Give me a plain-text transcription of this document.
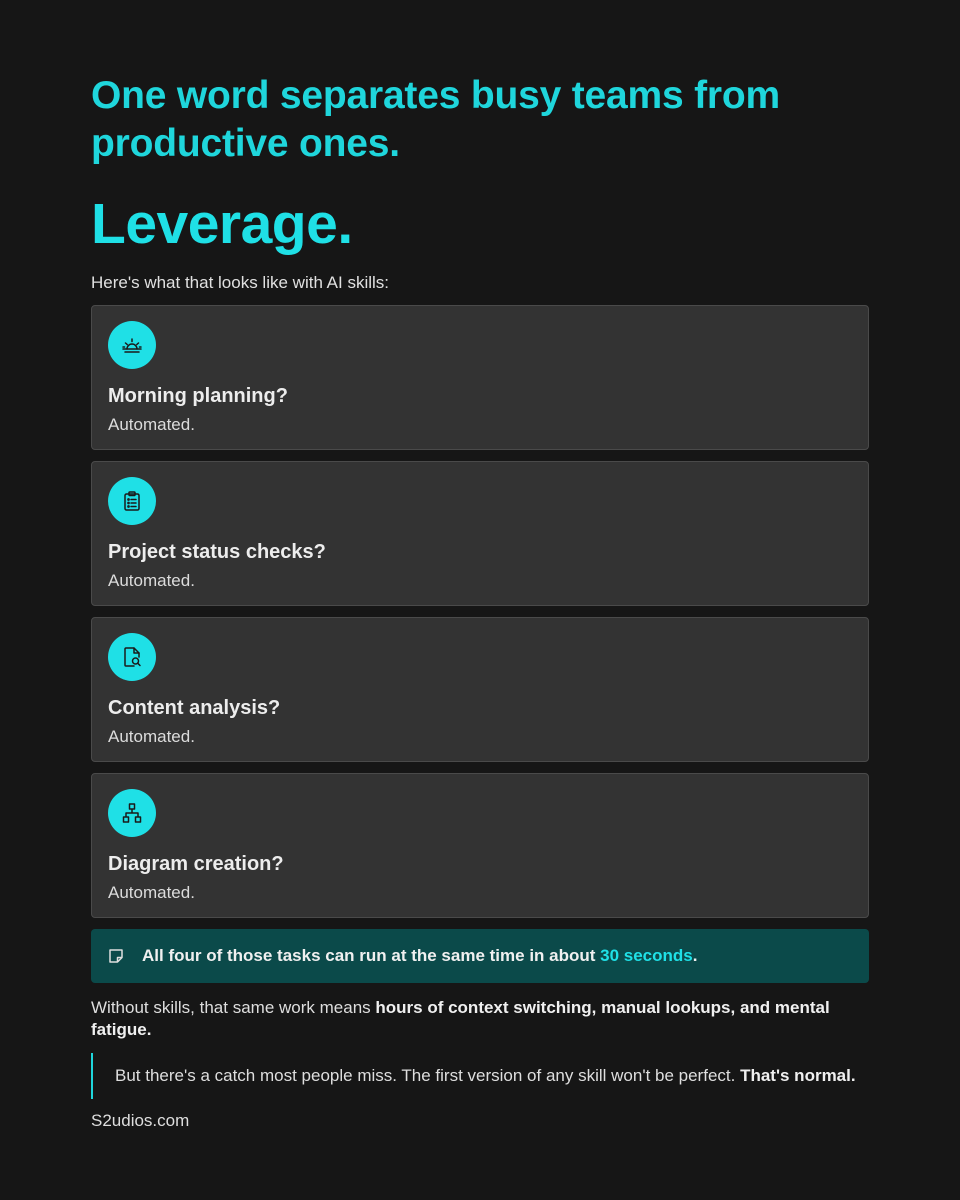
One word separates busy teams from productive ones.
Leverage.

Here's what that looks like with AI skills:

Morning planning?
Automated.
Project status checks?
Automated.
Content analysis?
Automated.
Diagram creation?
Automated.
All four of those tasks can run at the same time in about 30 seconds.

Without skills, that same work means hours of context switching, manual lookups, and mental fatigue.

But there's a catch most people miss. The first version of any skill won't be perfect. That's normal.
S2udios.com
